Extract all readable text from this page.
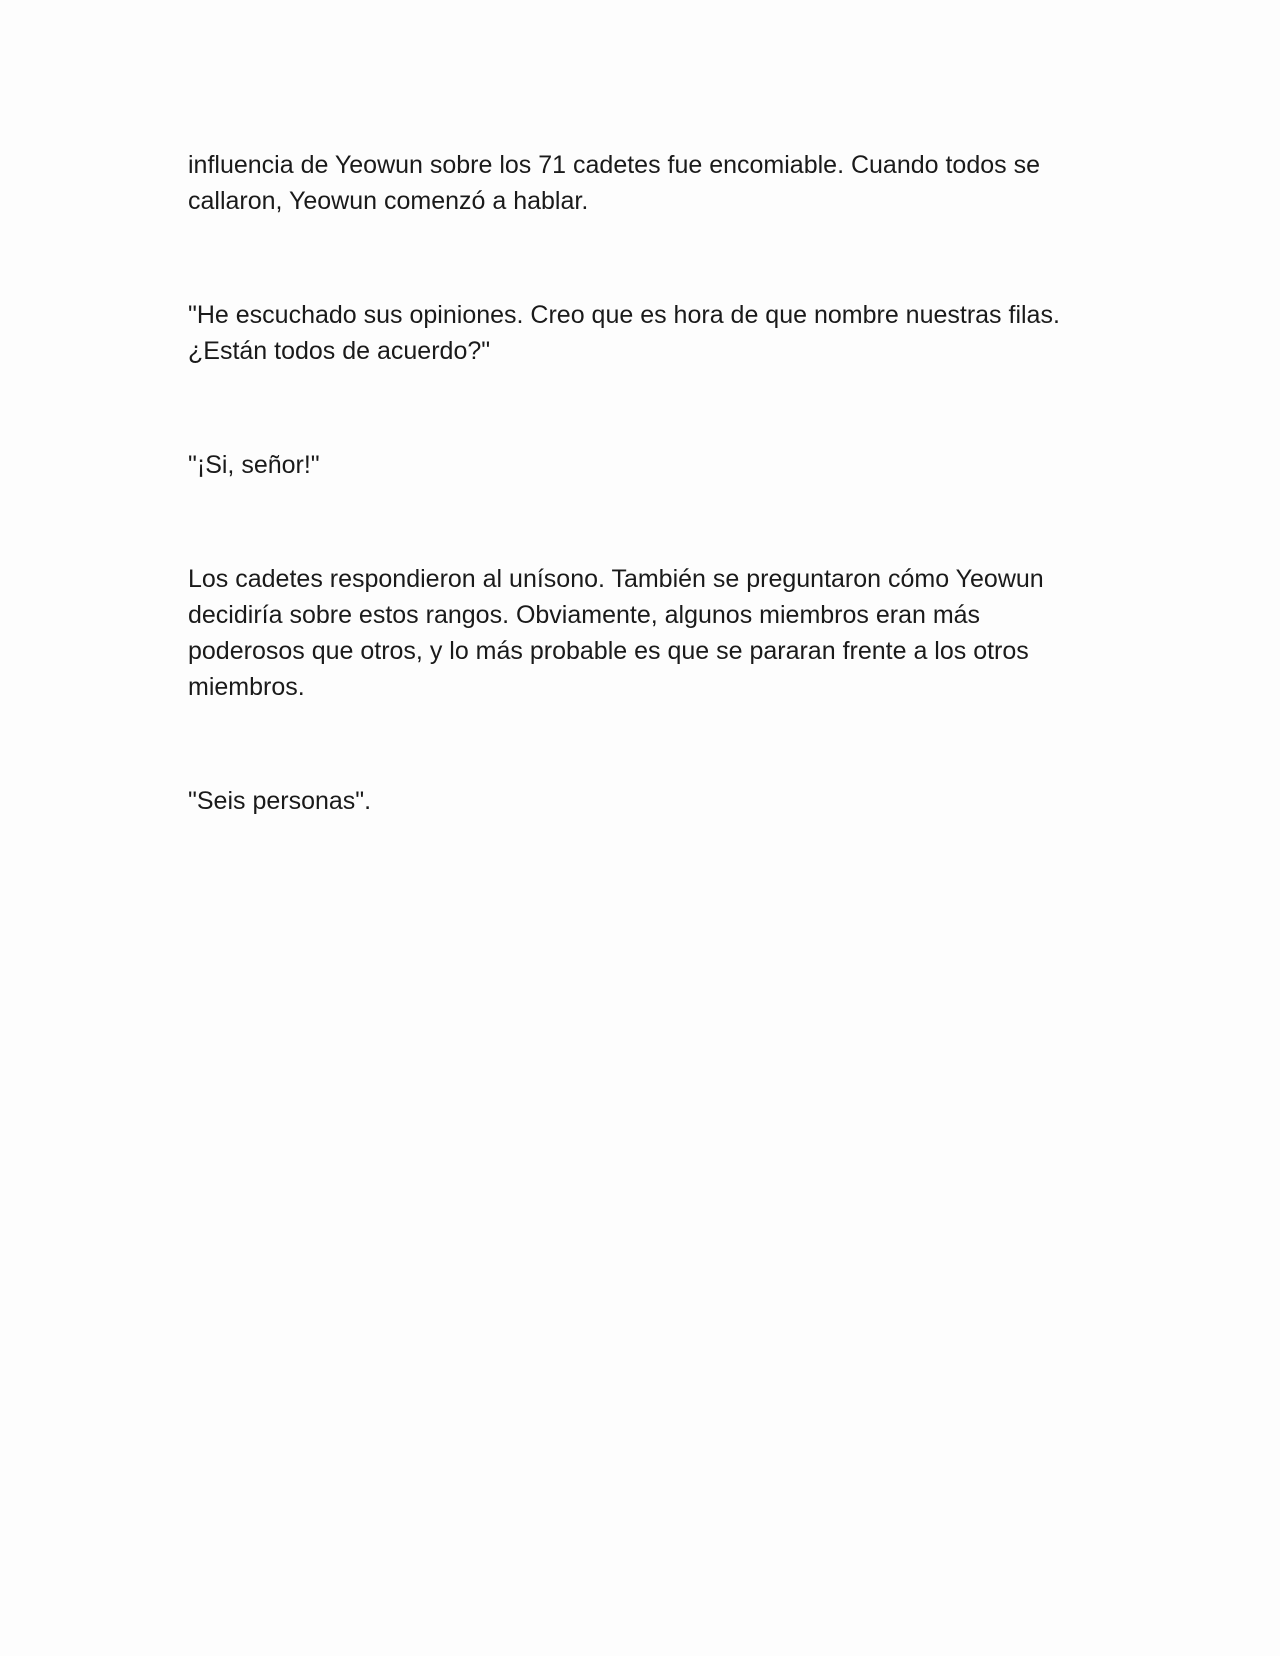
influencia de Yeowun sobre los 71 cadetes fue encomiable. Cuando todos se callaron, Yeowun comenzó a hablar.

"He escuchado sus opiniones. Creo que es hora de que nombre nuestras filas. ¿Están todos de acuerdo?"

"¡Si, señor!"

Los cadetes respondieron al unísono. También se preguntaron cómo Yeowun decidiría sobre estos rangos. Obviamente, algunos miembros eran más poderosos que otros, y lo más probable es que se pararan frente a los otros miembros.

"Seis personas".
